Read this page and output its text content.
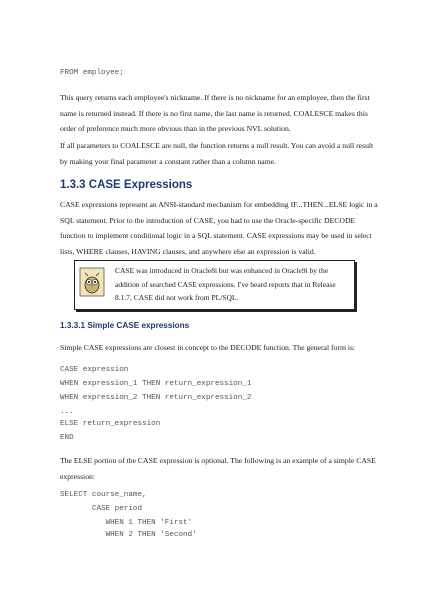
FROM employee;

This query returns each employee's nickname. If there is no nickname for an employee, then the first name is returned instead. If there is no first name, the last name is returned. COALESCE makes this order of preference much more obvious than in the previous NVL solution.

If all parameters to COALESCE are null, the function returns a null result. You can avoid a null result by making your final parameter a constant rather than a column name.

1.3.3 CASE Expressions

CASE expressions represent an ANSI-standard mechanism for embedding IF...THEN...ELSE logic in a SQL statement. Prior to the introduction of CASE, you had to use the Oracle-specific DECODE function to implement conditional logic in a SQL statement. CASE expressions may be used in select lists, WHERE clauses, HAVING clauses, and anywhere else an expression is valid.

CASE was introduced in Oracle8i but was enhanced in Oracle9i by the addition of searched CASE expressions. I've heard reports that in Release 8.1.7, CASE did not work from PL/SQL.

1.3.3.1 Simple CASE expressions

Simple CASE expressions are closest in concept to the DECODE function. The general form is:

CASE expression
WHEN expression_1 THEN return_expression_1
WHEN expression_2 THEN return_expression_2
...
ELSE return_expression
END

The ELSE portion of the CASE expression is optional. The following is an example of a simple CASE expression:

SELECT course_name,
CASE period
WHEN 1 THEN 'First'
WHEN 2 THEN 'Second'
